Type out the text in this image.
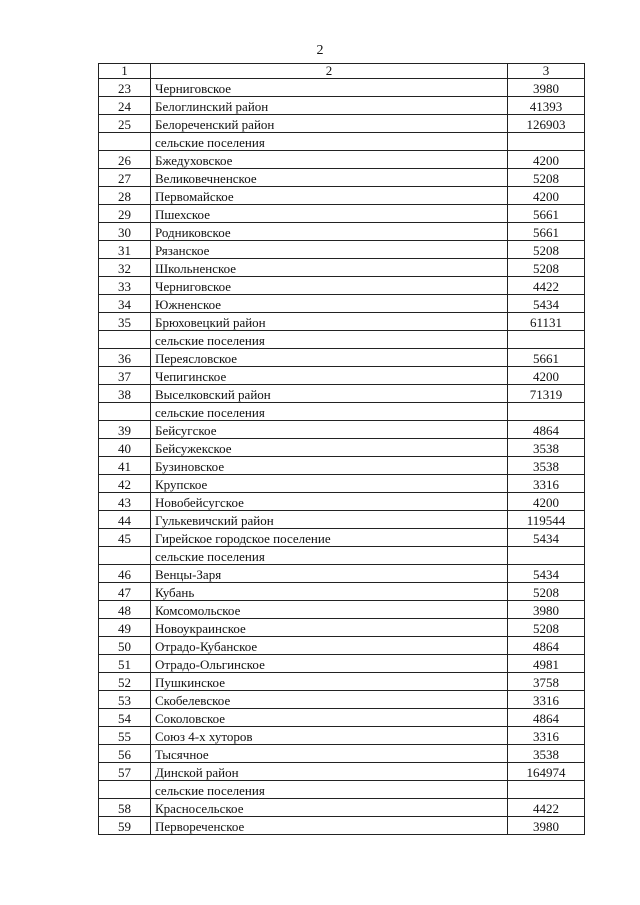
2
1	2	3
23	Черниговское	3980
24	Белоглинский район	41393
25	Белореченский район	126903
	сельские поселения	
26	Бжедуховское	4200
27	Великовечненское	5208
28	Первомайское	4200
29	Пшехское	5661
30	Родниковское	5661
31	Рязанское	5208
32	Школьненское	5208
33	Черниговское	4422
34	Южненское	5434
35	Брюховецкий район	61131
	сельские поселения	
36	Переясловское	5661
37	Чепигинское	4200
38	Выселковский район	71319
	сельские поселения	
39	Бейсугское	4864
40	Бейсужекское	3538
41	Бузиновское	3538
42	Крупское	3316
43	Новобейсугское	4200
44	Гулькевичский район	119544
45	Гирейское городское поселение	5434
	сельские поселения	
46	Венцы-Заря	5434
47	Кубань	5208
48	Комсомольское	3980
49	Новоукраинское	5208
50	Отрадо-Кубанское	4864
51	Отрадо-Ольгинское	4981
52	Пушкинское	3758
53	Скобелевское	3316
54	Соколовское	4864
55	Союз 4-х хуторов	3316
56	Тысячное	3538
57	Динской район	164974
	сельские поселения	
58	Красносельское	4422
59	Первореченское	3980
